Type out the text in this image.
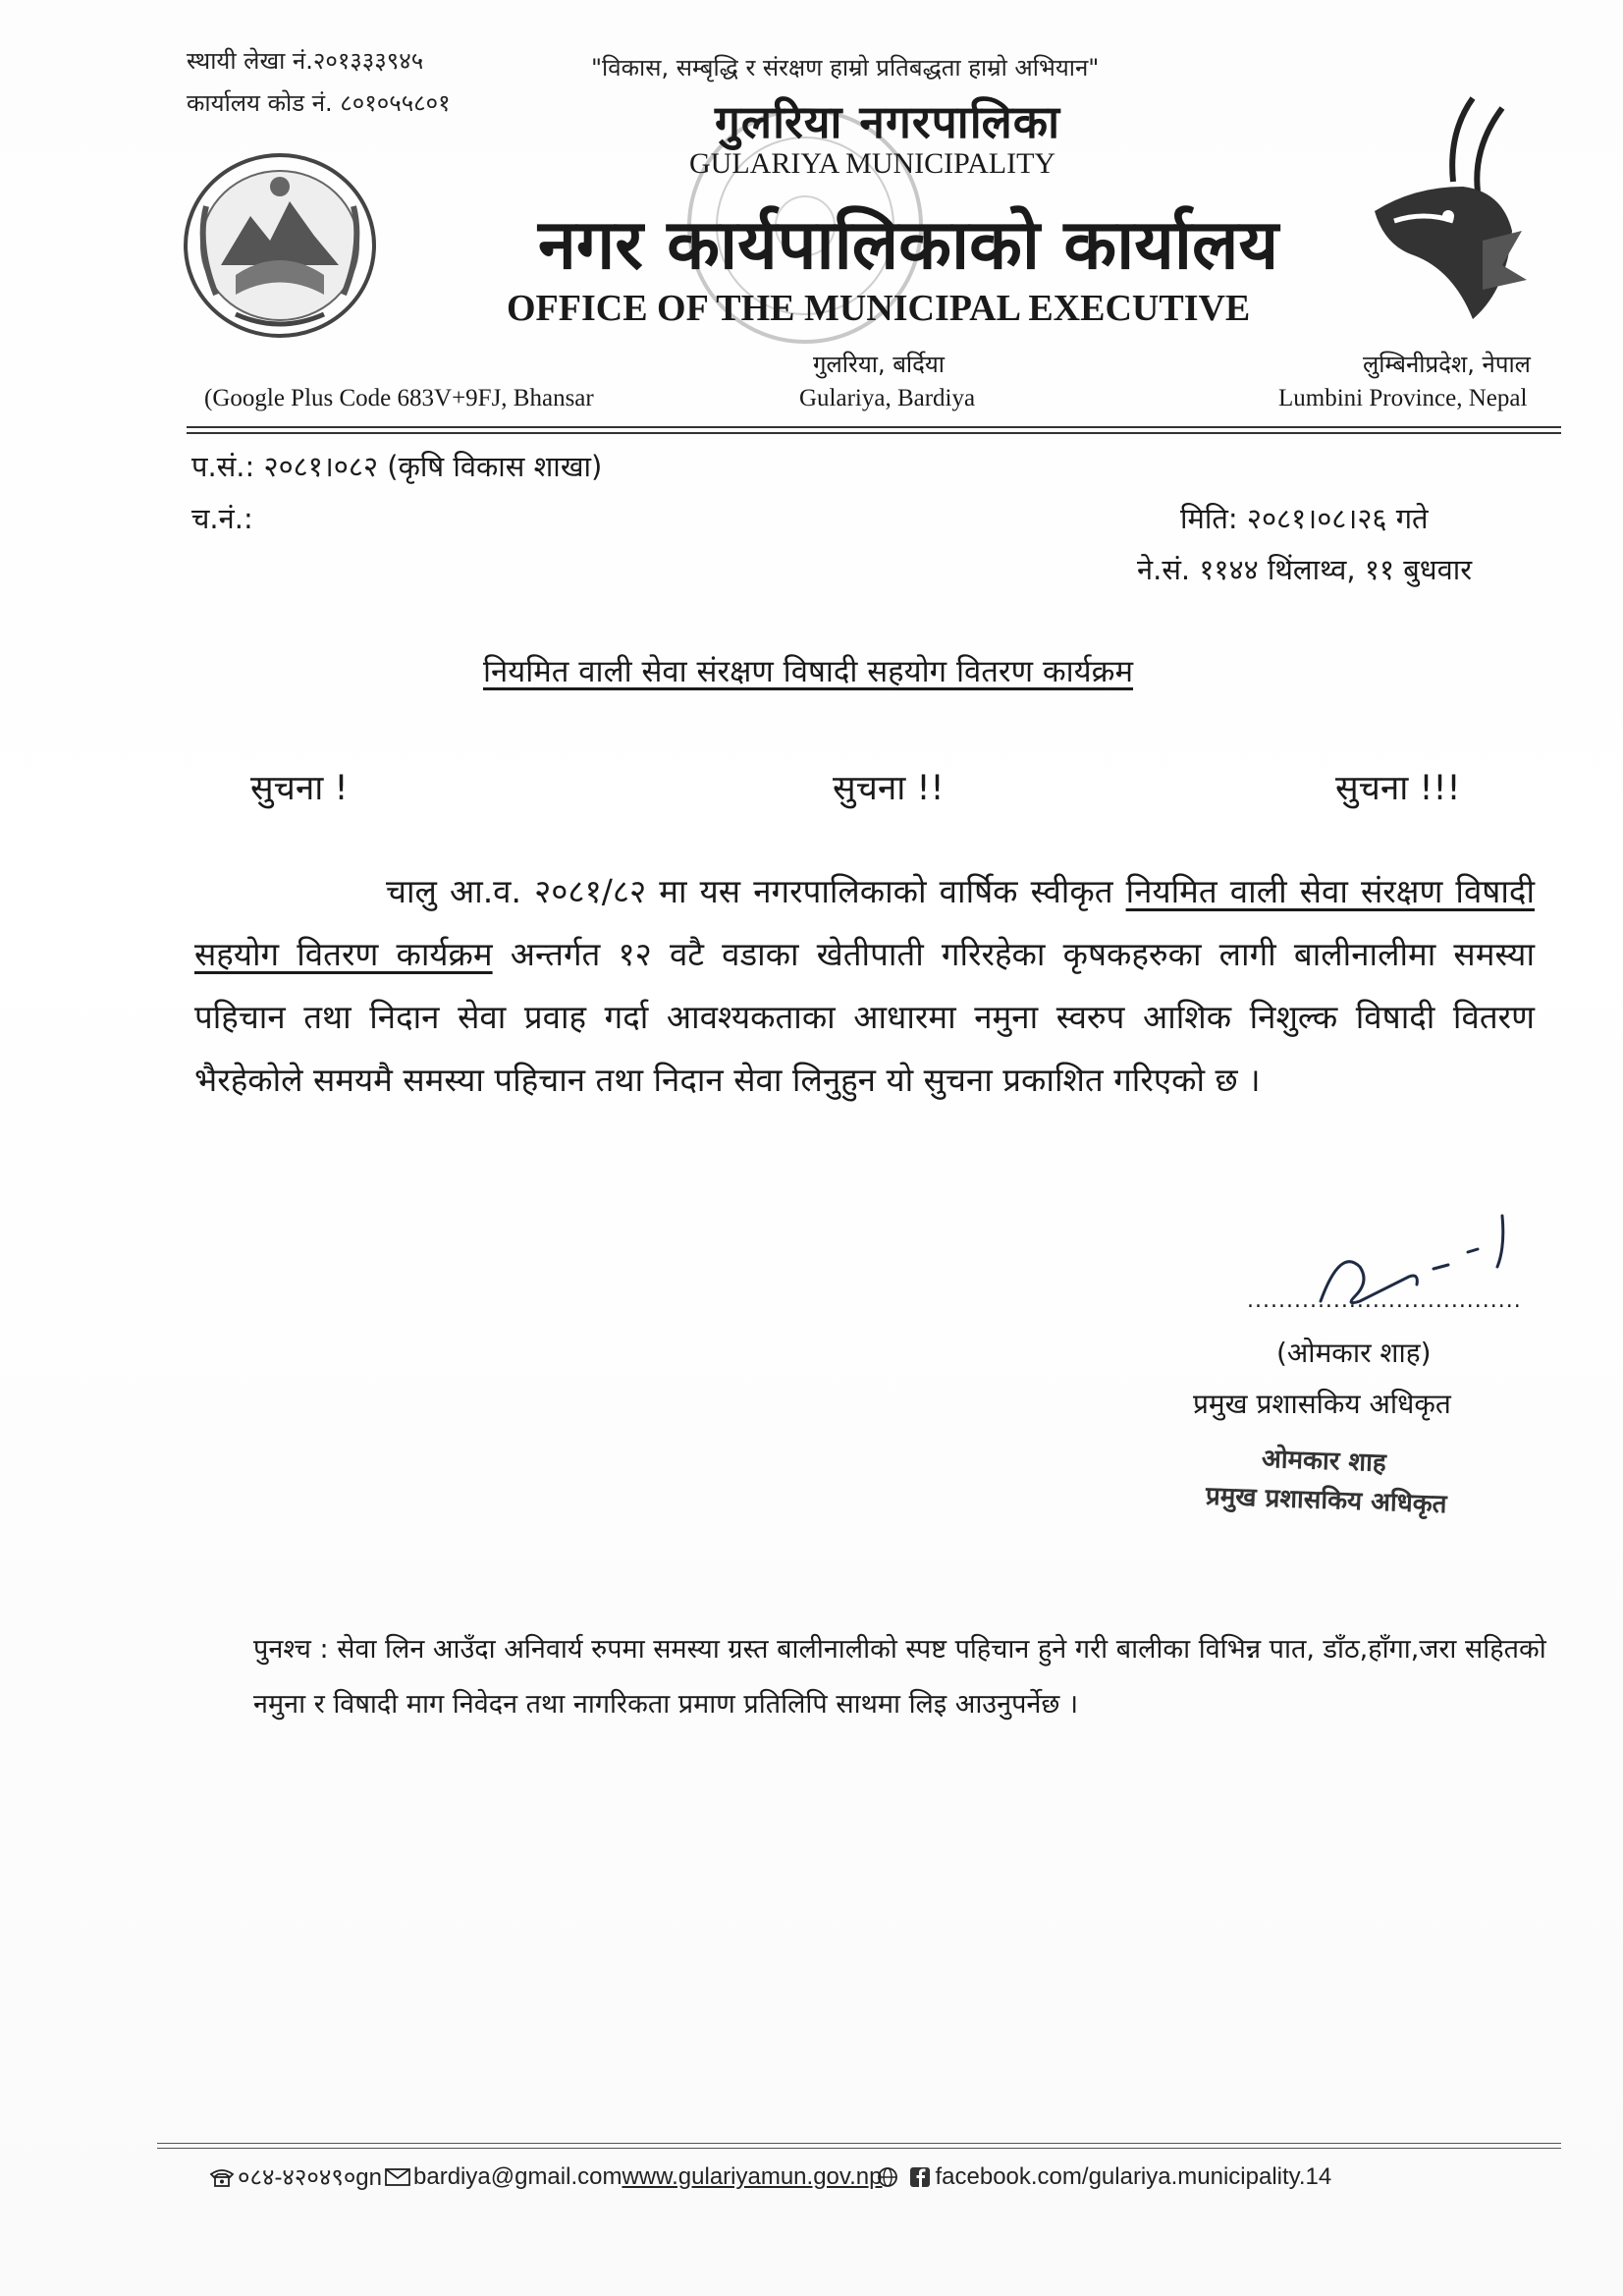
स्थायी लेखा नं.२०१३३३९४५
कार्यालय कोड नं. ८०१०५५८०१
"विकास, सम्बृद्धि र संरक्षण हाम्रो प्रतिबद्धता हाम्रो अभियान"
गुलरिया नगरपालिका
GULARIYA MUNICIPALITY
नगर कार्यपालिकाको कार्यालय
OFFICE OF THE MUNICIPAL EXECUTIVE
गुलरिया, बर्दिया	लुम्बिनीप्रदेश, नेपाल
(Google Plus Code 683V+9FJ, Bhansar	Gulariya, Bardiya	Lumbini Province, Nepal
प.सं.: २०८१।०८२ (कृषि विकास शाखा)
च.नं.:	मिति: २०८१।०८।२६ गते
ने.सं. ११४४ थिंलाथ्व, ११ बुधवार
नियमित वाली सेवा संरक्षण विषादी सहयोग वितरण कार्यक्रम
सुचना !	सुचना !!	सुचना !!!
चालु आ.व. २०८१/८२ मा यस नगरपालिकाको वार्षिक स्वीकृत नियमित वाली सेवा संरक्षण विषादी सहयोग वितरण कार्यक्रम अन्तर्गत १२ वटै वडाका खेतीपाती गरिरहेका कृषकहरुका लागी बालीनालीमा समस्या पहिचान तथा निदान सेवा प्रवाह गर्दा आवश्यकताका आधारमा नमुना स्वरुप आशिक निशुल्क विषादी वितरण भैरहेकोले समयमै समस्या पहिचान तथा निदान सेवा लिनुहुन यो सुचना प्रकाशित गरिएको छ ।
...................................
(ओमकार शाह)
प्रमुख प्रशासकिय अधिकृत
ओमकार शाह
प्रमुख प्रशासकिय अधिकृत
पुनश्च : सेवा लिन आउँदा अनिवार्य रुपमा समस्या ग्रस्त बालीनालीको स्पष्ट पहिचान हुने गरी बालीका विभिन्न पात, डाँठ,हाँगा,जरा सहितको नमुना र विषादी माग निवेदन तथा नागरिकता प्रमाण प्रतिलिपि साथमा लिइ आउनुपर्नेछ ।
०८४-४२०४९०gn bardiya@gmail.com www.gulariyamun.gov.np facebook.com/gulariya.municipality.14
